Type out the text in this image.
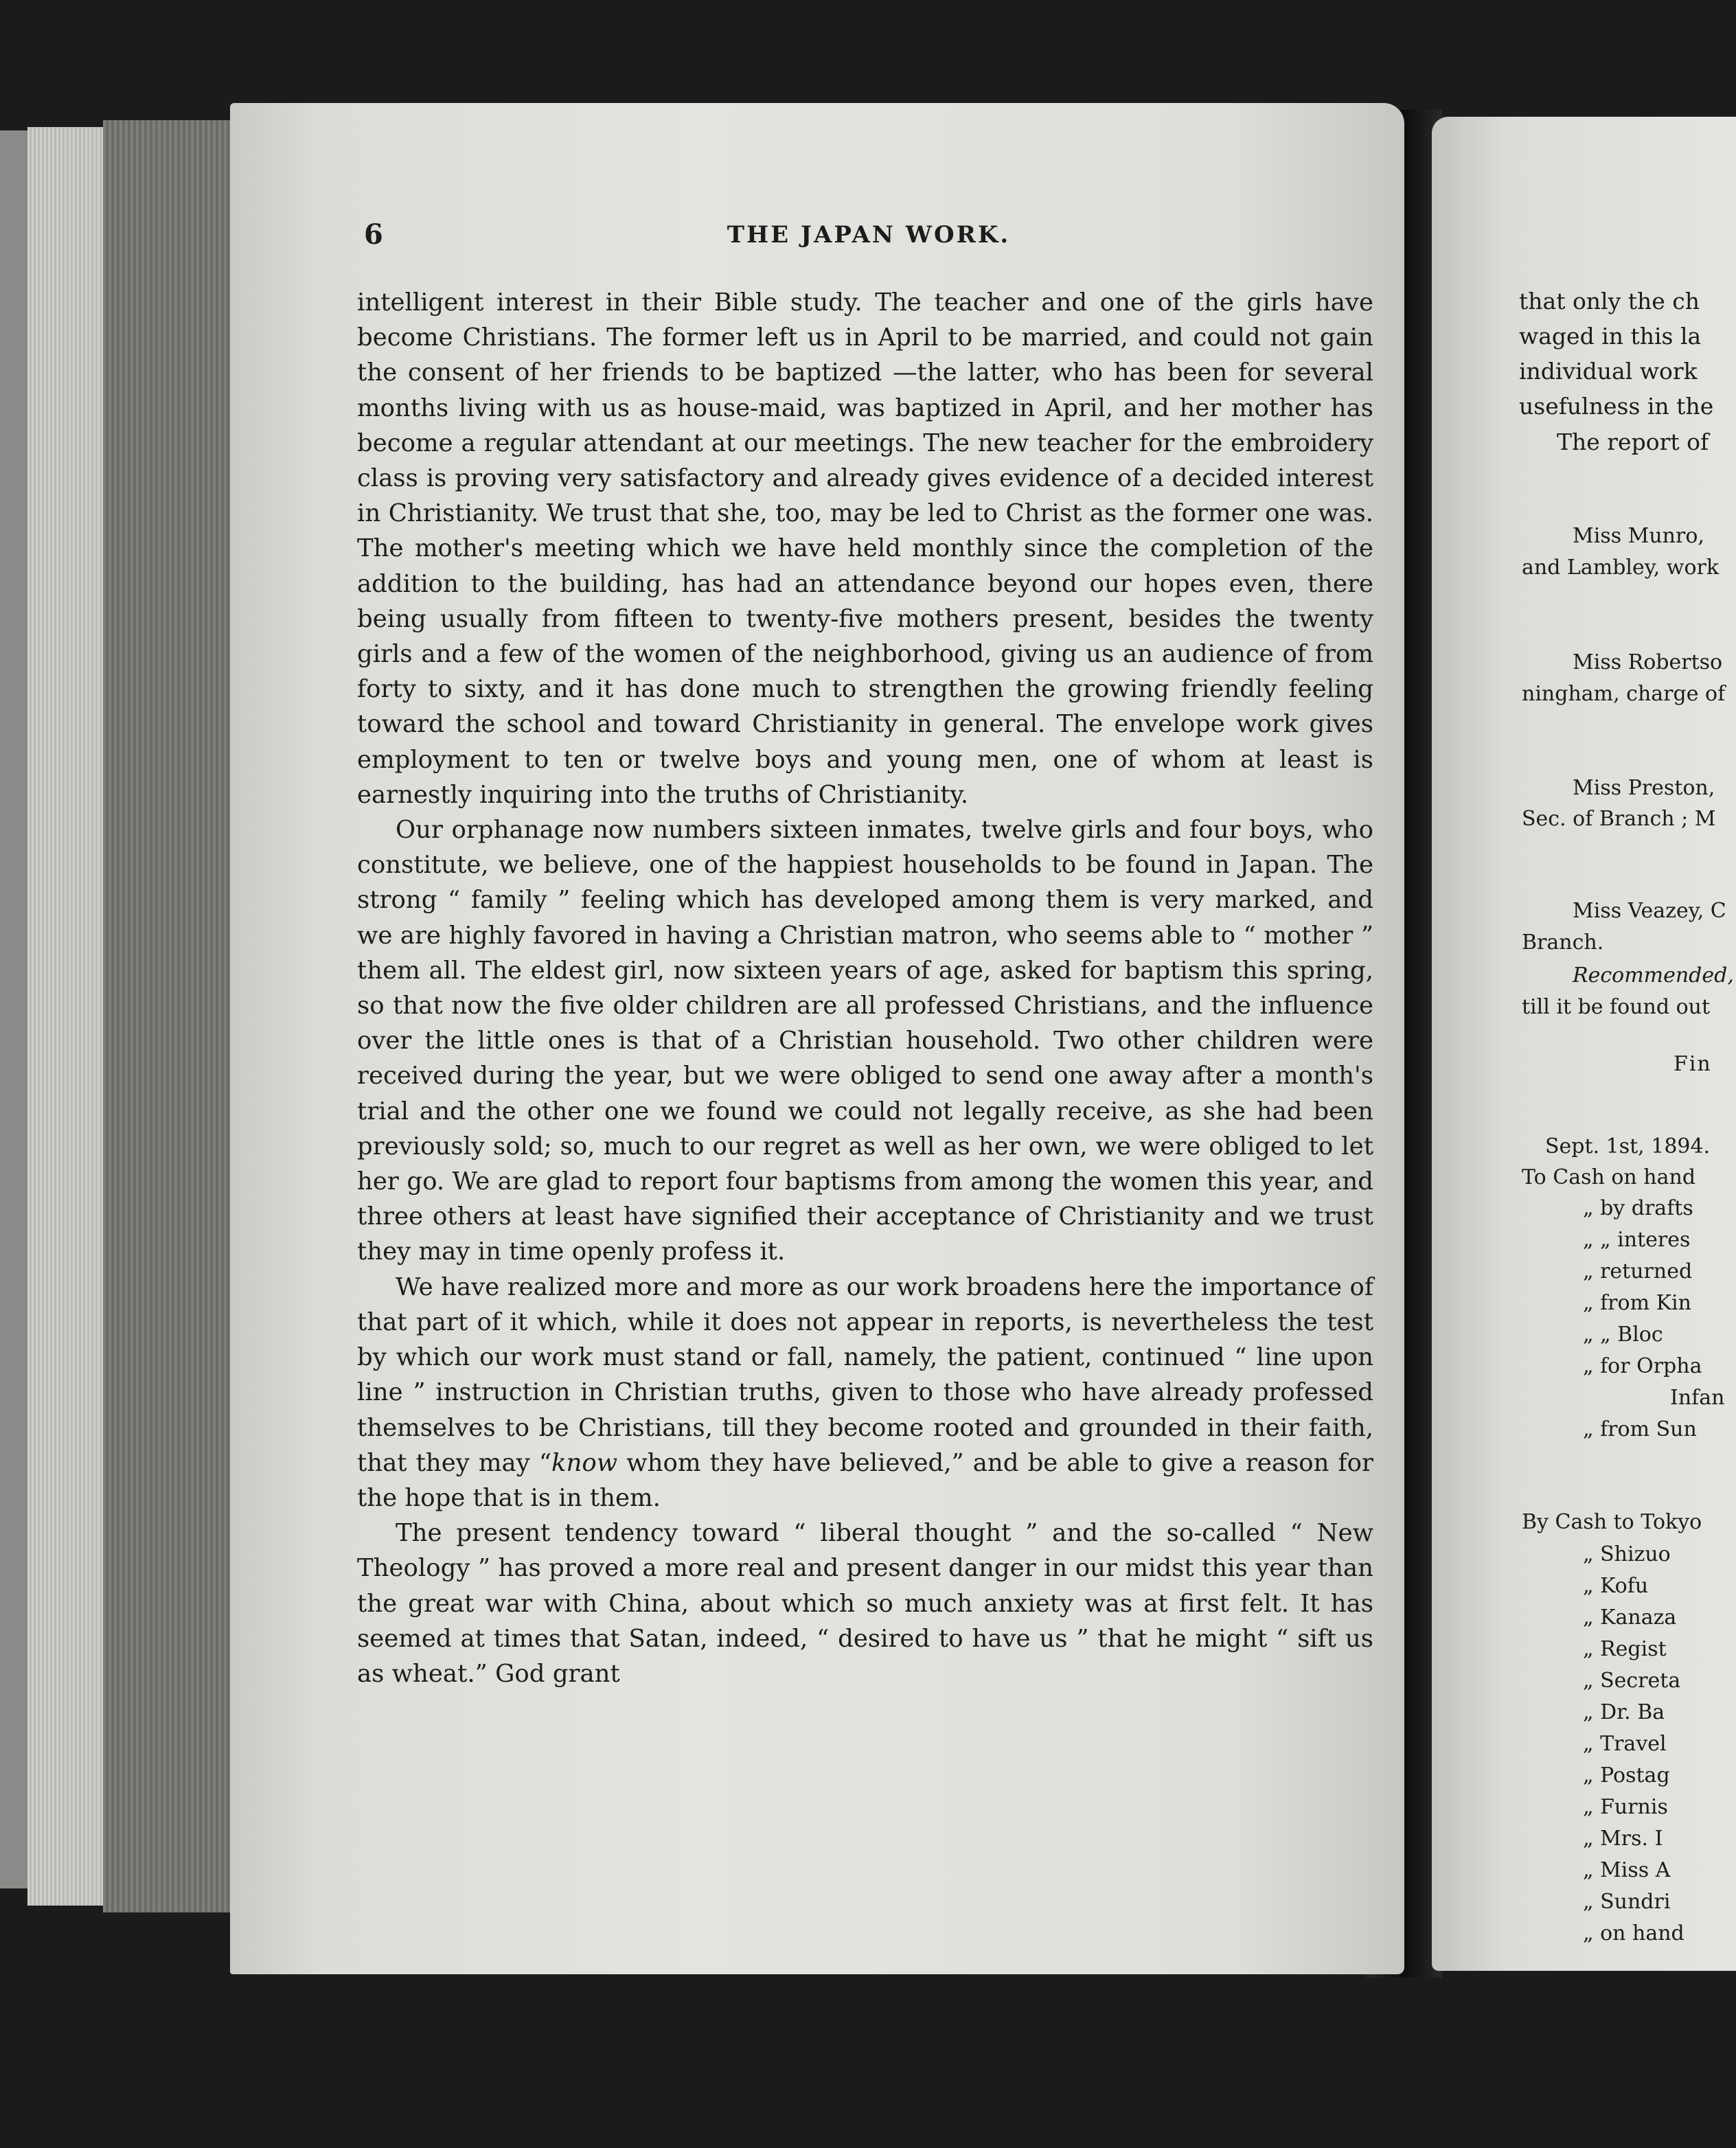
6	THE JAPAN WORK.

intelligent interest in their Bible study. The teacher and one of the girls have become Christians. The former left us in April to be married, and could not gain the consent of her friends to be baptized —the latter, who has been for several months living with us as house-maid, was baptized in April, and her mother has become a regular attendant at our meetings. The new teacher for the embroidery class is proving very satisfactory and already gives evidence of a decided interest in Christianity. We trust that she, too, may be led to Christ as the former one was. The mother's meeting which we have held monthly since the completion of the addition to the building, has had an attendance beyond our hopes even, there being usually from fifteen to twenty-five mothers present, besides the twenty girls and a few of the women of the neighborhood, giving us an audience of from forty to sixty, and it has done much to strengthen the growing friendly feeling toward the school and toward Christianity in general. The envelope work gives employment to ten or twelve boys and young men, one of whom at least is earnestly inquiring into the truths of Christianity.

Our orphanage now numbers sixteen inmates, twelve girls and four boys, who constitute, we believe, one of the happiest households to be found in Japan. The strong “ family ” feeling which has developed among them is very marked, and we are highly favored in having a Christian matron, who seems able to “ mother ” them all. The eldest girl, now sixteen years of age, asked for baptism this spring, so that now the five older children are all professed Christians, and the influence over the little ones is that of a Christian household. Two other children were received during the year, but we were obliged to send one away after a month's trial and the other one we found we could not legally receive, as she had been previously sold; so, much to our regret as well as her own, we were obliged to let her go. We are glad to report four baptisms from among the women this year, and three others at least have signified their acceptance of Christianity and we trust they may in time openly profess it.

We have realized more and more as our work broadens here the importance of that part of it which, while it does not appear in reports, is nevertheless the test by which our work must stand or fall, namely, the patient, continued “ line upon line ” instruction in Christian truths, given to those who have already professed themselves to be Christians, till they become rooted and grounded in their faith, that they may “know whom they have believed,” and be able to give a reason for the hope that is in them.

The present tendency toward “ liberal thought ” and the so-called “ New Theology ” has proved a more real and present danger in our midst this year than the great war with China, about which so much anxiety was at first felt. It has seemed at times that Satan, indeed, “ desired to have us ” that he might “ sift us as wheat.” God grant

that only the ch
waged in this la
individual work
usefulness in the
The report of
Miss Munro,
and Lambley, work
Miss Robertso
ningham, charge of
Miss Preston,
Sec. of Branch ; M
Miss Veazey, C
Branch.
Recommended,
till it be found out
Fin
Sept. 1st, 1894.
To Cash on hand
„ by drafts
„ „ interes
„ returned
„ from Kin
„ „ Bloc
„ for Orpha
Infan
„ from Sun
By Cash to Tokyo
„ Shizuo
„ Kofu
„ Kanaza
„ Regist
„ Secreta
„ Dr. Ba
„ Travel
„ Postag
„ Furnis
„ Mrs. I
„ Miss A
„ Sundri
„ on hand
